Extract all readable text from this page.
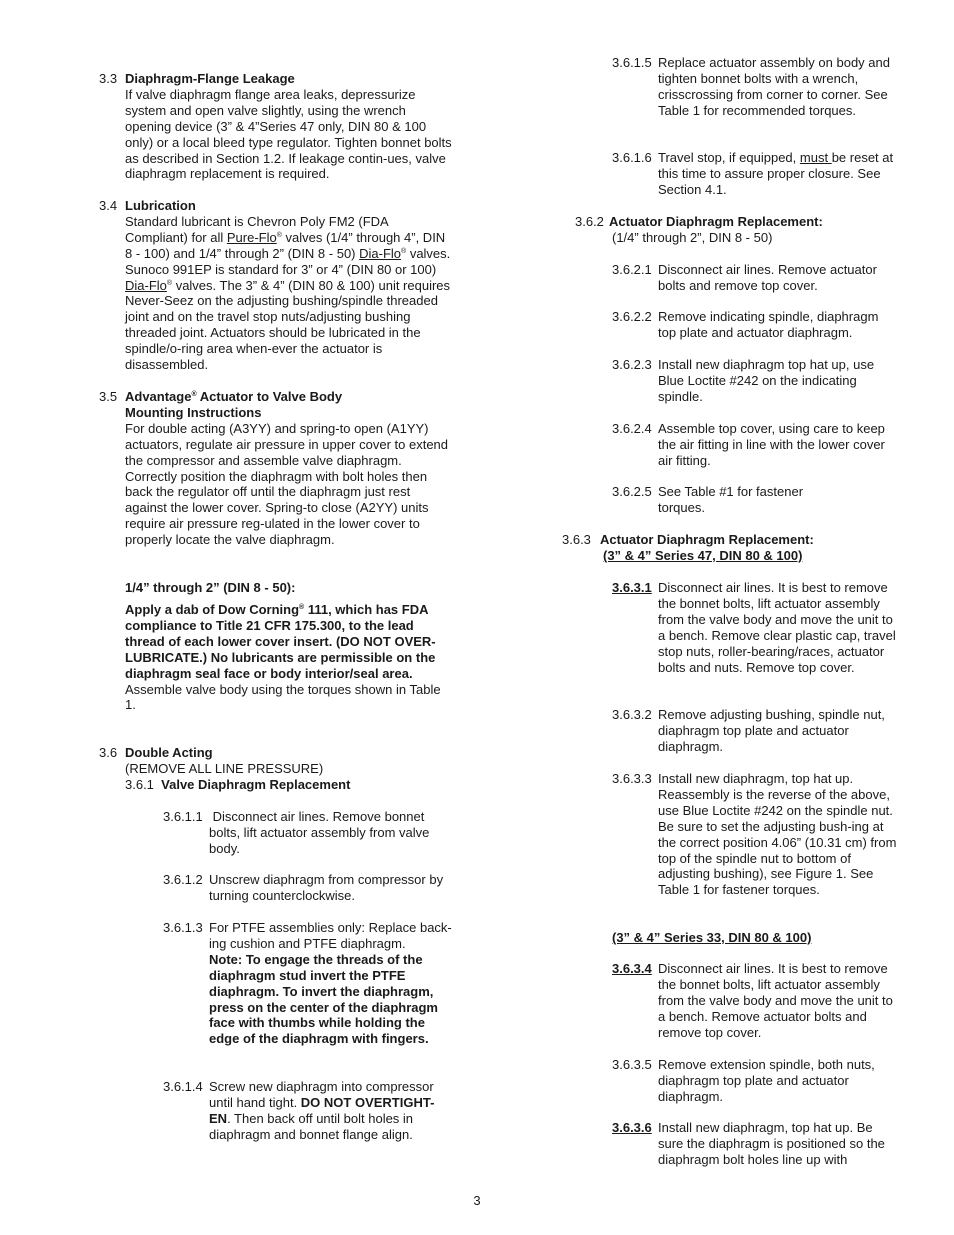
3.3 Diaphragm-Flange Leakage
If valve diaphragm flange area leaks, depressurize system and open valve slightly, using the wrench opening device (3” & 4”Series 47 only, DIN 80 & 100 only) or a local bleed type regulator. Tighten bonnet bolts as described in Section 1.2. If leakage contin-ues, valve diaphragm replacement is required.
3.4 Lubrication
Standard lubricant is Chevron Poly FM2 (FDA Compliant) for all Pure-Flo® valves (1/4” through 4”, DIN 8 - 100) and 1/4” through 2” (DIN 8 - 50) Dia-Flo® valves. Sunoco 991EP is standard for 3” or 4” (DIN 80 or 100) Dia-Flo® valves. The 3” & 4” (DIN 80 & 100) unit requires Never-Seez on the adjusting bushing/spindle threaded joint and on the travel stop nuts/adjusting bushing threaded joint. Actuators should be lubricated in the spindle/o-ring area when-ever the actuator is disassembled.
3.5 Advantage® Actuator to Valve Body
Mounting Instructions
For double acting (A3YY) and spring-to open (A1YY) actuators, regulate air pressure in upper cover to extend the compressor and assemble valve diaphragm. Correctly position the diaphragm with bolt holes then back the regulator off until the diaphragm just rest against the lower cover. Spring-to close (A2YY) units require air pressure reg-ulated in the lower cover to properly locate the valve diaphragm.
1/4” through 2” (DIN 8 - 50):
Apply a dab of Dow Corning® 111, which has FDA compliance to Title 21 CFR 175.300, to the lead thread of each lower cover insert. (DO NOT OVER-LUBRICATE.) No lubricants are permissible on the diaphragm seal face or body interior/seal area.
Assemble valve body using the torques shown in Table 1.
3.6 Double Acting
(REMOVE ALL LINE PRESSURE)
3.6.1 Valve Diaphragm Replacement
3.6.1.1 Disconnect air lines. Remove bonnet bolts, lift actuator assembly from valve body.
3.6.1.2 Unscrew diaphragm from compressor by turning counterclockwise.
3.6.1.3 For PTFE assemblies only: Replace back-ing cushion and PTFE diaphragm.
Note: To engage the threads of the diaphragm stud invert the PTFE diaphragm. To invert the diaphragm, press on the center of the diaphragm face with thumbs while holding the edge of the diaphragm with fingers.
3.6.1.4 Screw new diaphragm into compressor until hand tight. DO NOT OVERTIGHT-EN. Then back off until bolt holes in diaphragm and bonnet flange align.
3.6.1.5 Replace actuator assembly on body and tighten bonnet bolts with a wrench, crisscrossing from corner to corner. See Table 1 for recommended torques.
3.6.1.6 Travel stop, if equipped, must be reset at this time to assure proper closure. See Section 4.1.
3.6.2 Actuator Diaphragm Replacement:
(1/4” through 2”, DIN 8 - 50)
3.6.2.1 Disconnect air lines. Remove actuator bolts and remove top cover.
3.6.2.2 Remove indicating spindle, diaphragm top plate and actuator diaphragm.
3.6.2.3 Install new diaphragm top hat up, use Blue Loctite #242 on the indicating spindle.
3.6.2.4 Assemble top cover, using care to keep the air fitting in line with the lower cover air fitting.
3.6.2.5 See Table #1 for fastener torques.
3.6.3 Actuator Diaphragm Replacement:
(3” & 4” Series 47, DIN 80 & 100)
3.6.3.1 Disconnect air lines. It is best to remove the bonnet bolts, lift actuator assembly from the valve body and move the unit to a bench. Remove clear plastic cap, travel stop nuts, roller-bearing/races, actuator bolts and nuts. Remove top cover.
3.6.3.2 Remove adjusting bushing, spindle nut, diaphragm top plate and actuator diaphragm.
3.6.3.3 Install new diaphragm, top hat up. Reassembly is the reverse of the above, use Blue Loctite #242 on the spindle nut. Be sure to set the adjusting bush-ing at the correct position 4.06” (10.31 cm) from top of the spindle nut to bottom of adjusting bushing), see Figure 1. See Table 1 for fastener torques.
(3” & 4” Series 33, DIN 80 & 100)
3.6.3.4 Disconnect air lines. It is best to remove the bonnet bolts, lift actuator assembly from the valve body and move the unit to a bench. Remove actuator bolts and remove top cover.
3.6.3.5 Remove extension spindle, both nuts, diaphragm top plate and actuator diaphragm.
3.6.3.6 Install new diaphragm, top hat up. Be sure the diaphragm is positioned so the diaphragm bolt holes line up with
3
